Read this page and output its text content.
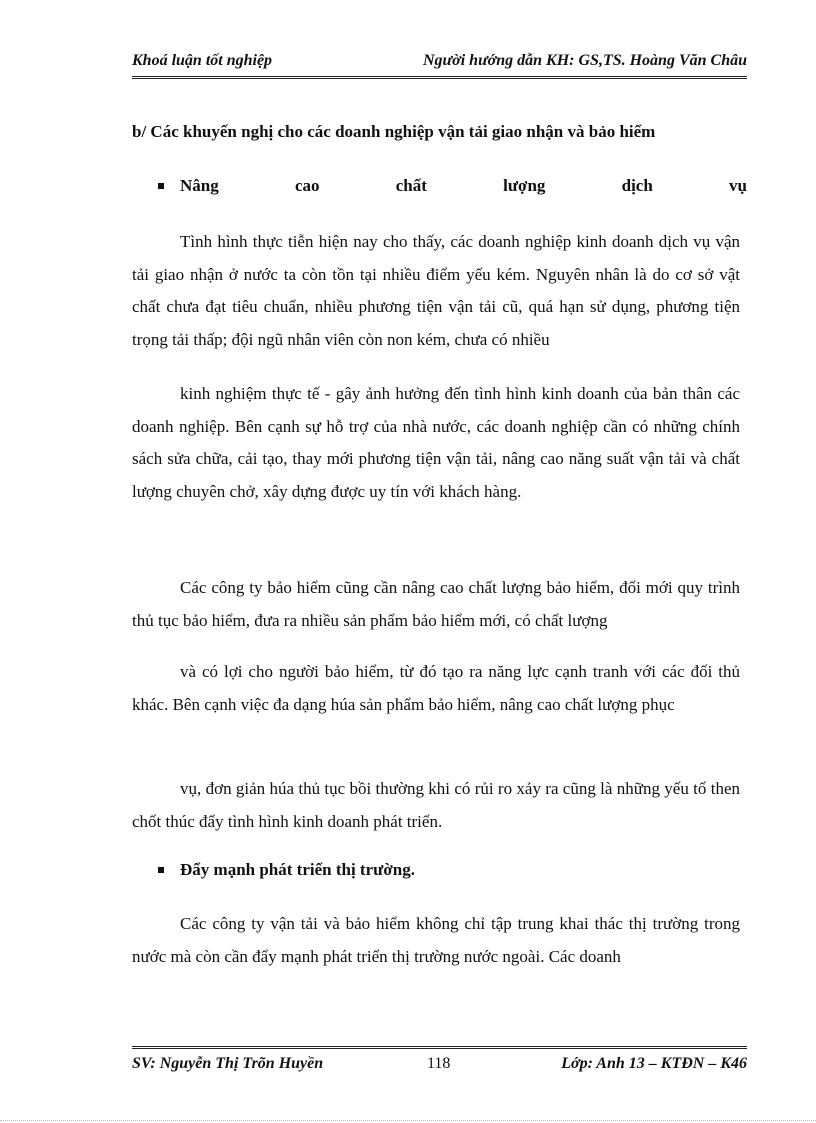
Khoá luận tốt nghiệp	Người hướng dẫn KH: GS,TS. Hoàng Văn Châu
b/ Các khuyến nghị cho các doanh nghiệp vận tải giao nhận và bảo hiểm
Nâng	cao	chất	lượng	dịch	vụ

Tình hình thực tiễn hiện nay cho thấy, các doanh nghiệp kinh doanh dịch vụ vận tải giao nhận ở nước ta còn tồn tại nhiều điểm yếu kém. Nguyên nhân là do cơ sở vật chất chưa đạt tiêu chuẩn, nhiều phương tiện vận tải cũ, quá hạn sử dụng, phương tiện trọng tải thấp; đội ngũ nhân viên còn non kém, chưa có nhiều

kinh nghiệm thực tế - gây ảnh hưởng đến tình hình kinh doanh của bản thân các doanh nghiệp. Bên cạnh sự hỗ trợ của nhà nước, các doanh nghiệp cần có những chính sách sửa chữa, cải tạo, thay mới phương tiện vận tải, nâng cao năng suất vận tải và chất lượng chuyên chở, xây dựng được uy tín với khách hàng.

Các công ty bảo hiểm cũng cần nâng cao chất lượng bảo hiểm, đổi mới quy trình thủ tục bảo hiểm, đưa ra nhiều sản phẩm bảo hiểm mới, có chất lượng

và có lợi cho người bảo hiểm, từ đó tạo ra năng lực cạnh tranh với các đối thủ khác. Bên cạnh việc đa dạng húa sản phẩm bảo hiểm, nâng cao chất lượng phục

vụ, đơn giản húa thủ tục bồi thường khi có rủi ro xảy ra cũng là những yếu tố then chốt thúc đẩy tình hình kinh doanh phát triển.

Đẩy mạnh phát triển thị trường.

Các công ty vận tải và bảo hiểm không chỉ tập trung khai thác thị trường trong nước mà còn cần đẩy mạnh phát triển thị trường nước ngoài. Các doanh

SV: Nguyễn Thị Trõn Huyền	118	Lớp: Anh 13 – KTĐN – K46
